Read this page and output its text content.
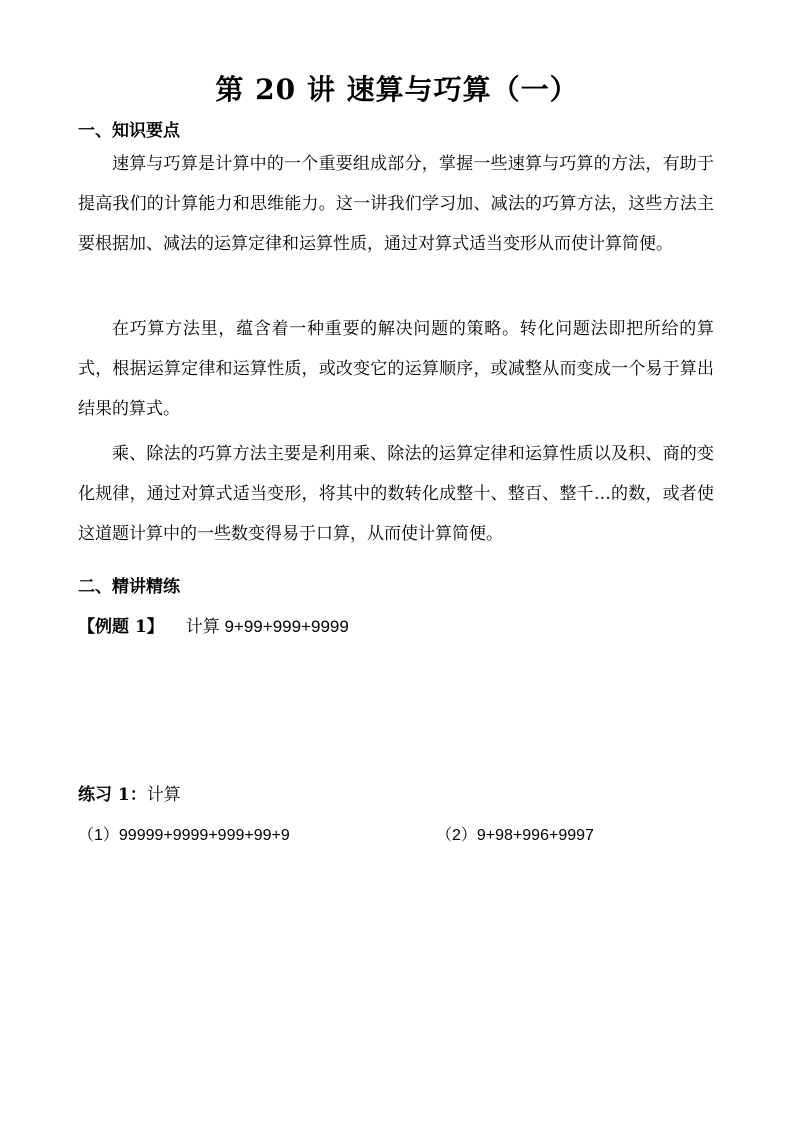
第 20 讲 速算与巧算（一）
一、知识要点

速算与巧算是计算中的一个重要组成部分，掌握一些速算与巧算的方法，有助于提高我们的计算能力和思维能力。这一讲我们学习加、减法的巧算方法，这些方法主要根据加、减法的运算定律和运算性质，通过对算式适当变形从而使计算简便。

在巧算方法里，蕴含着一种重要的解决问题的策略。转化问题法即把所给的算式，根据运算定律和运算性质，或改变它的运算顺序，或减整从而变成一个易于算出结果的算式。

乘、除法的巧算方法主要是利用乘、除法的运算定律和运算性质以及积、商的变化规律，通过对算式适当变形，将其中的数转化成整十、整百、整千…的数，或者使这道题计算中的一些数变得易于口算，从而使计算简便。

二、精讲精练
【例题 1】 计算 9+99+999+9999
练习 1：计算
（1）99999+9999+999+99+9	（2）9+98+996+9997
